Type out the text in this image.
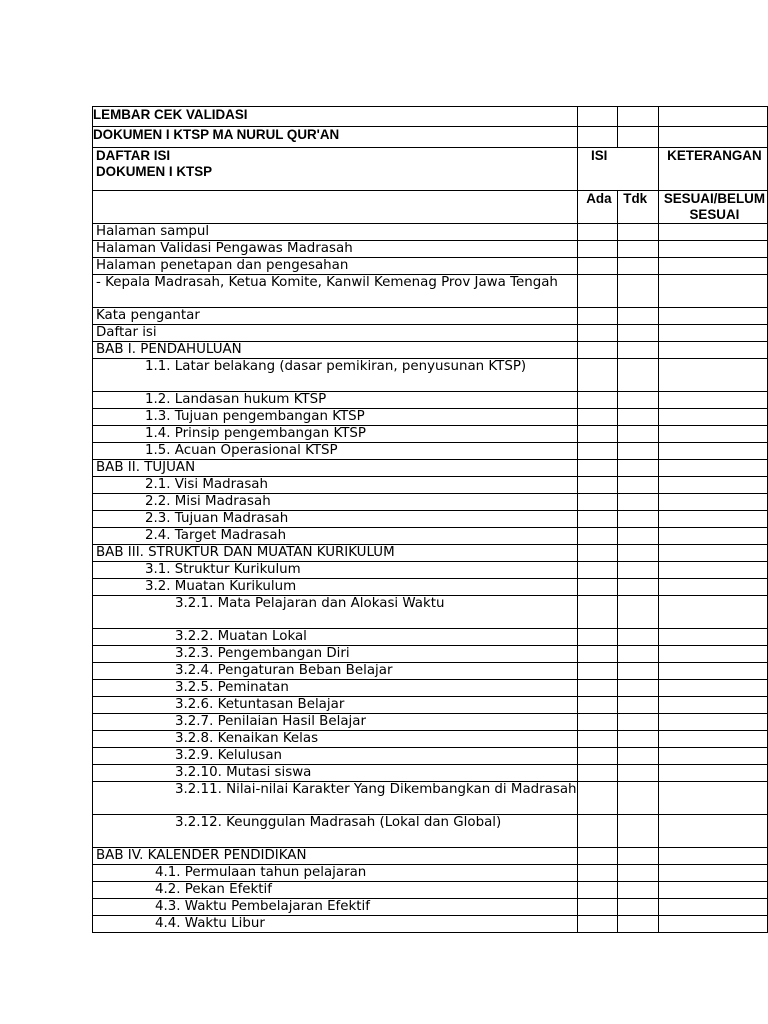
LEMBAR CEK VALIDASI			
DOKUMEN I KTSP MA NURUL QUR'AN			

DAFTAR ISI
DOKUMEN I KTSP	ISI		KETERANGAN
	Ada	Tdk	SESUAI/BELUM
SESUAI

Halaman sampul			
Halaman Validasi Pengawas Madrasah			
Halaman penetapan dan pengesahan			
- Kepala Madrasah, Ketua Komite, Kanwil Kemenag Prov Jawa Tengah			
Kata pengantar			
Daftar isi			
BAB I. PENDAHULUAN			
1.1. Latar belakang (dasar pemikiran, penyusunan KTSP)			
1.2. Landasan hukum KTSP			
1.3. Tujuan pengembangan KTSP			
1.4. Prinsip pengembangan KTSP			
1.5. Acuan Operasional KTSP			
BAB II. TUJUAN			
2.1. Visi Madrasah			
2.2. Misi Madrasah			
2.3. Tujuan Madrasah			
2.4. Target Madrasah			
BAB III. STRUKTUR DAN MUATAN KURIKULUM			
3.1. Struktur Kurikulum			
3.2. Muatan Kurikulum			
3.2.1. Mata Pelajaran dan Alokasi Waktu			
3.2.2. Muatan Lokal			
3.2.3. Pengembangan Diri			
3.2.4. Pengaturan Beban Belajar			
3.2.5. Peminatan			
3.2.6. Ketuntasan Belajar			
3.2.7. Penilaian Hasil Belajar			
3.2.8. Kenaikan Kelas			
3.2.9. Kelulusan			
3.2.10. Mutasi siswa			
3.2.11. Nilai-nilai Karakter Yang Dikembangkan di Madrasah			
3.2.12. Keunggulan Madrasah (Lokal dan Global)			
BAB IV. KALENDER PENDIDIKAN			
4.1. Permulaan tahun pelajaran			
4.2. Pekan Efektif			
4.3. Waktu Pembelajaran Efektif			
4.4. Waktu Libur			
